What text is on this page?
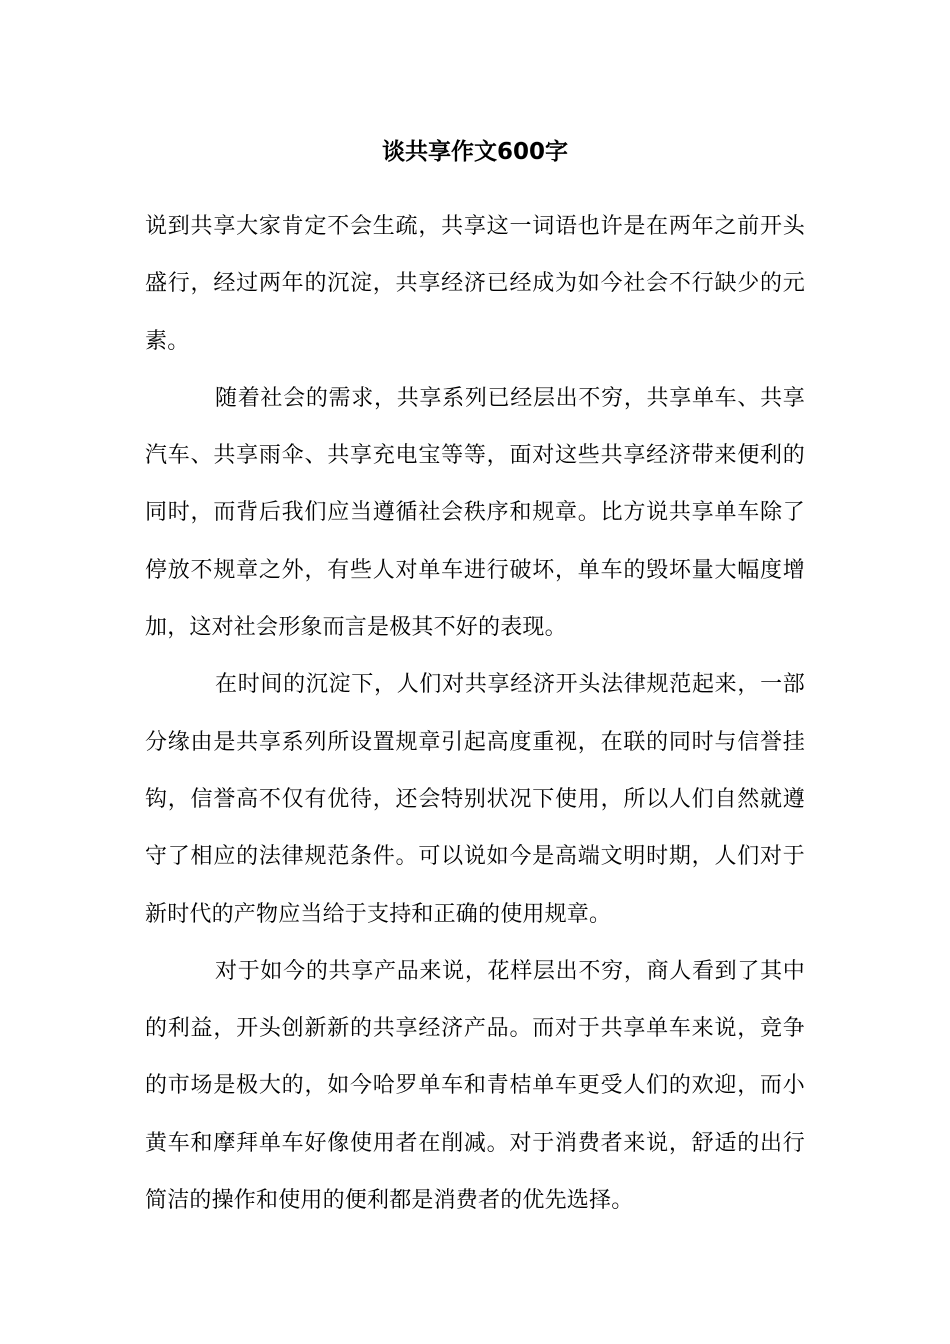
谈共享作文600字

说到共享大家肯定不会生疏，共享这一词语也许是在两年之前开头盛行，经过两年的沉淀，共享经济已经成为如今社会不行缺少的元素。

随着社会的需求，共享系列已经层出不穷，共享单车、共享汽车、共享雨伞、共享充电宝等等，面对这些共享经济带来便利的同时，而背后我们应当遵循社会秩序和规章。比方说共享单车除了停放不规章之外，有些人对单车进行破坏，单车的毁坏量大幅度增加，这对社会形象而言是极其不好的表现。

在时间的沉淀下，人们对共享经济开头法律规范起来，一部分缘由是共享系列所设置规章引起高度重视，在联的同时与信誉挂钩，信誉高不仅有优待，还会特别状况下使用，所以人们自然就遵守了相应的法律规范条件。可以说如今是高端文明时期，人们对于新时代的产物应当给于支持和正确的使用规章。

对于如今的共享产品来说，花样层出不穷，商人看到了其中的利益，开头创新新的共享经济产品。而对于共享单车来说，竞争的市场是极大的，如今哈罗单车和青桔单车更受人们的欢迎，而小黄车和摩拜单车好像使用者在削减。对于消费者来说，舒适的出行简洁的操作和使用的便利都是消费者的优先选择。
